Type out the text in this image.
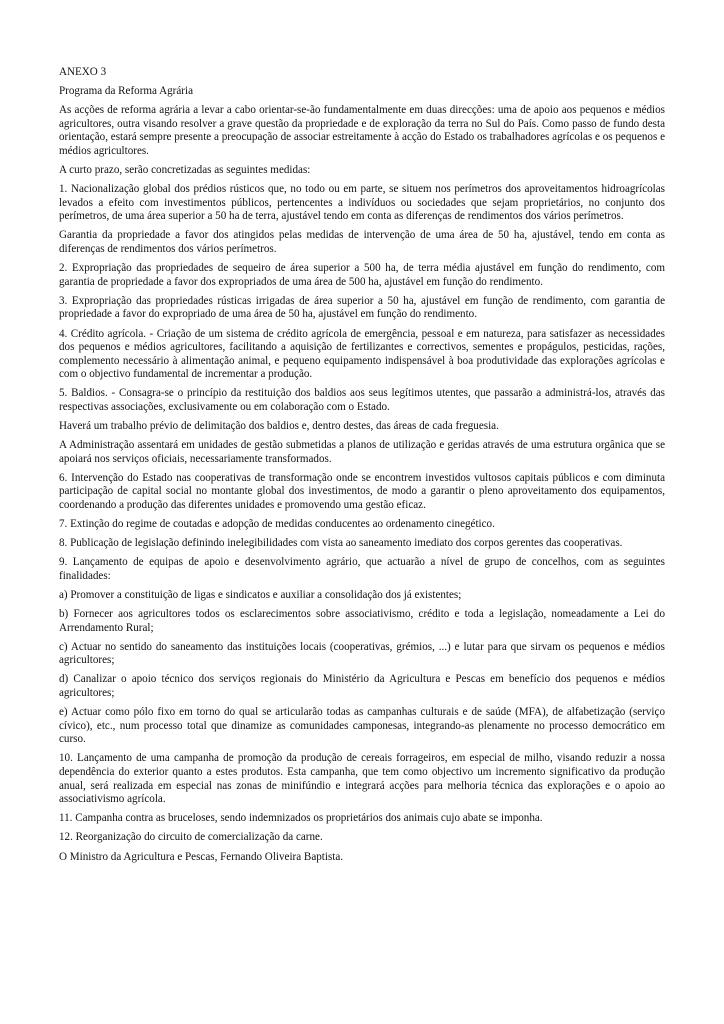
ANEXO 3

Programa da Reforma Agrária

As acções de reforma agrária a levar a cabo orientar-se-ão fundamentalmente em duas direcções: uma de apoio aos pequenos e médios agricultores, outra visando resolver a grave questão da propriedade e de exploração da terra no Sul do País. Como passo de fundo desta orientação, estará sempre presente a preocupação de associar estreitamente à acção do Estado os trabalhadores agrícolas e os pequenos e médios agricultores.

A curto prazo, serão concretizadas as seguintes medidas:

1. Nacionalização global dos prédios rústicos que, no todo ou em parte, se situem nos perímetros dos aproveitamentos hidroagrícolas levados a efeito com investimentos públicos, pertencentes a indivíduos ou sociedades que sejam proprietários, no conjunto dos perímetros, de uma área superior a 50 ha de terra, ajustável tendo em conta as diferenças de rendimentos dos vários perímetros.

Garantia da propriedade a favor dos atingidos pelas medidas de intervenção de uma área de 50 ha, ajustável, tendo em conta as diferenças de rendimentos dos vários perímetros.

2. Expropriação das propriedades de sequeiro de área superior a 500 ha, de terra média ajustável em função do rendimento, com garantia de propriedade a favor dos expropriados de uma área de 500 ha, ajustável em função do rendimento.

3. Expropriação das propriedades rústicas irrigadas de área superior a 50 ha, ajustável em função de rendimento, com garantia de propriedade a favor do expropriado de uma área de 50 ha, ajustável em função do rendimento.

4. Crédito agrícola. - Criação de um sistema de crédito agrícola de emergência, pessoal e em natureza, para satisfazer as necessidades dos pequenos e médios agricultores, facilitando a aquisição de fertilizantes e correctivos, sementes e propágulos, pesticidas, rações, complemento necessário à alimentação animal, e pequeno equipamento indispensável à boa produtividade das explorações agrícolas e com o objectivo fundamental de incrementar a produção.

5. Baldios. - Consagra-se o princípio da restituição dos baldios aos seus legítimos utentes, que passarão a administrá-los, através das respectivas associações, exclusivamente ou em colaboração com o Estado.

Haverá um trabalho prévio de delimitação dos baldios e, dentro destes, das áreas de cada freguesia.

A Administração assentará em unidades de gestão submetidas a planos de utilização e geridas através de uma estrutura orgânica que se apoiará nos serviços oficiais, necessariamente transformados.

6. Intervenção do Estado nas cooperativas de transformação onde se encontrem investidos vultosos capitais públicos e com diminuta participação de capital social no montante global dos investimentos, de modo a garantir o pleno aproveitamento dos equipamentos, coordenando a produção das diferentes unidades e promovendo uma gestão eficaz.

7. Extinção do regime de coutadas e adopção de medidas conducentes ao ordenamento cinegético.

8. Publicação de legislação definindo inelegibilidades com vista ao saneamento imediato dos corpos gerentes das cooperativas.

9. Lançamento de equipas de apoio e desenvolvimento agrário, que actuarão a nível de grupo de concelhos, com as seguintes finalidades:

a) Promover a constituição de ligas e sindicatos e auxiliar a consolidação dos já existentes;

b) Fornecer aos agricultores todos os esclarecimentos sobre associativismo, crédito e toda a legislação, nomeadamente a Lei do Arrendamento Rural;

c) Actuar no sentido do saneamento das instituições locais (cooperativas, grémios, ...) e lutar para que sirvam os pequenos e médios agricultores;

d) Canalizar o apoio técnico dos serviços regionais do Ministério da Agricultura e Pescas em benefício dos pequenos e médios agricultores;

e) Actuar como pólo fixo em torno do qual se articularão todas as campanhas culturais e de saúde (MFA), de alfabetização (serviço cívico), etc., num processo total que dinamize as comunidades camponesas, integrando-as plenamente no processo democrático em curso.

10. Lançamento de uma campanha de promoção da produção de cereais forrageiros, em especial de milho, visando reduzir a nossa dependência do exterior quanto a estes produtos. Esta campanha, que tem como objectivo um incremento significativo da produção anual, será realizada em especial nas zonas de minifúndio e integrará acções para melhoria técnica das explorações e o apoio ao associativismo agrícola.

11. Campanha contra as bruceloses, sendo indemnizados os proprietários dos animais cujo abate se imponha.

12. Reorganização do circuito de comercialização da carne.

O Ministro da Agricultura e Pescas, Fernando Oliveira Baptista.
